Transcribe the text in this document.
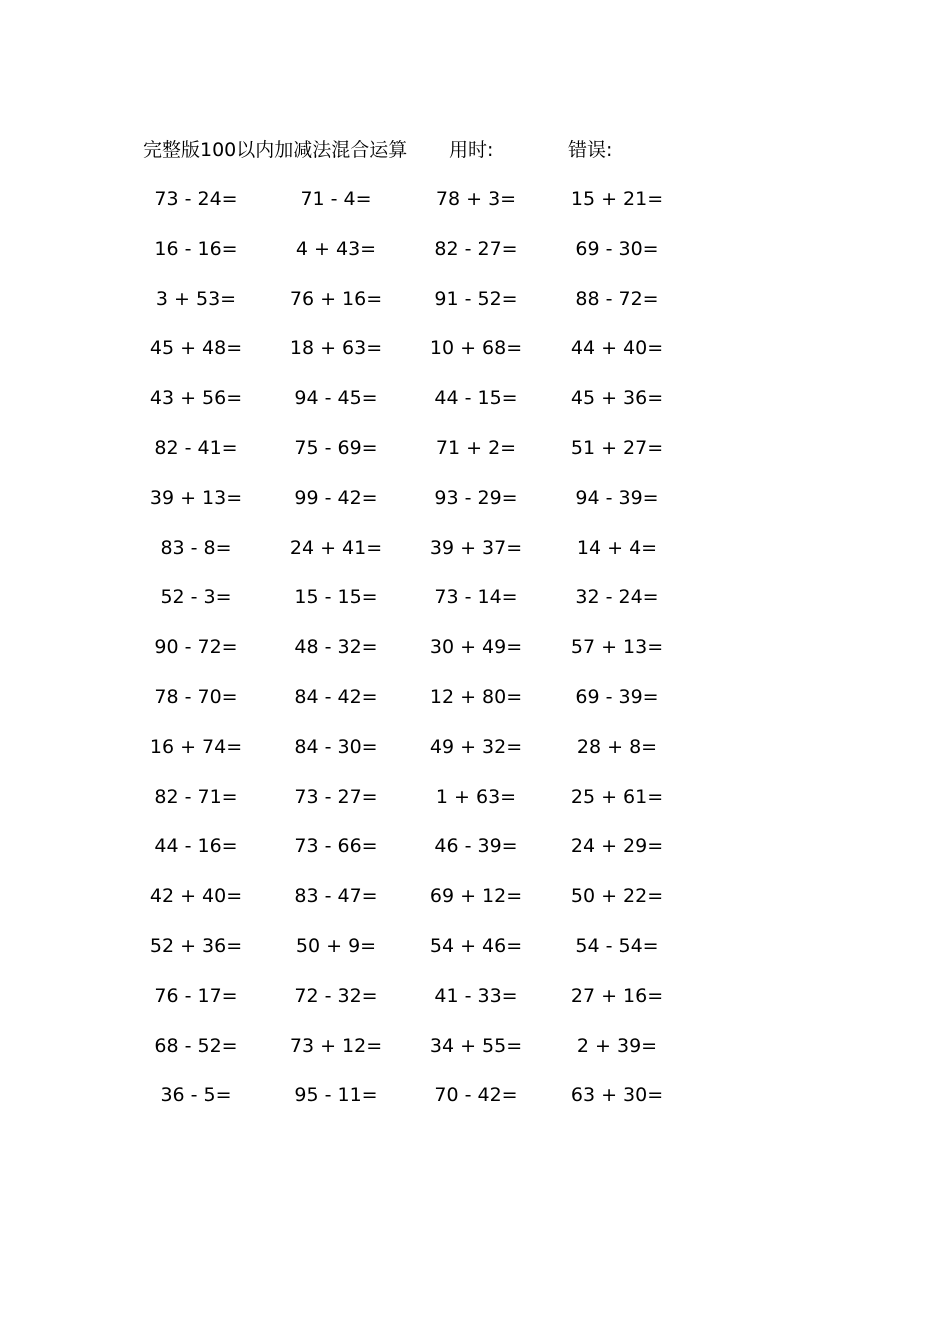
完整版100以内加减法混合运算 用时:	错误:
73 - 24=	71 - 4=	78 + 3=	15 + 21=
16 - 16=	4 + 43=	82 - 27=	69 - 30=
3 + 53=	76 + 16=	91 - 52=	88 - 72=
45 + 48=	18 + 63=	10 + 68=	44 + 40=
43 + 56=	94 - 45=	44 - 15=	45 + 36=
82 - 41=	75 - 69=	71 + 2=	51 + 27=
39 + 13=	99 - 42=	93 - 29=	94 - 39=
83 - 8=	24 + 41=	39 + 37=	14 + 4=
52 - 3=	15 - 15=	73 - 14=	32 - 24=
90 - 72=	48 - 32=	30 + 49=	57 + 13=
78 - 70=	84 - 42=	12 + 80=	69 - 39=
16 + 74=	84 - 30=	49 + 32=	28 + 8=
82 - 71=	73 - 27=	1 + 63=	25 + 61=
44 - 16=	73 - 66=	46 - 39=	24 + 29=
42 + 40=	83 - 47=	69 + 12=	50 + 22=
52 + 36=	50 + 9=	54 + 46=	54 - 54=
76 - 17=	72 - 32=	41 - 33=	27 + 16=
68 - 52=	73 + 12=	34 + 55=	2 + 39=
36 - 5=	95 - 11=	70 - 42=	63 + 30=
